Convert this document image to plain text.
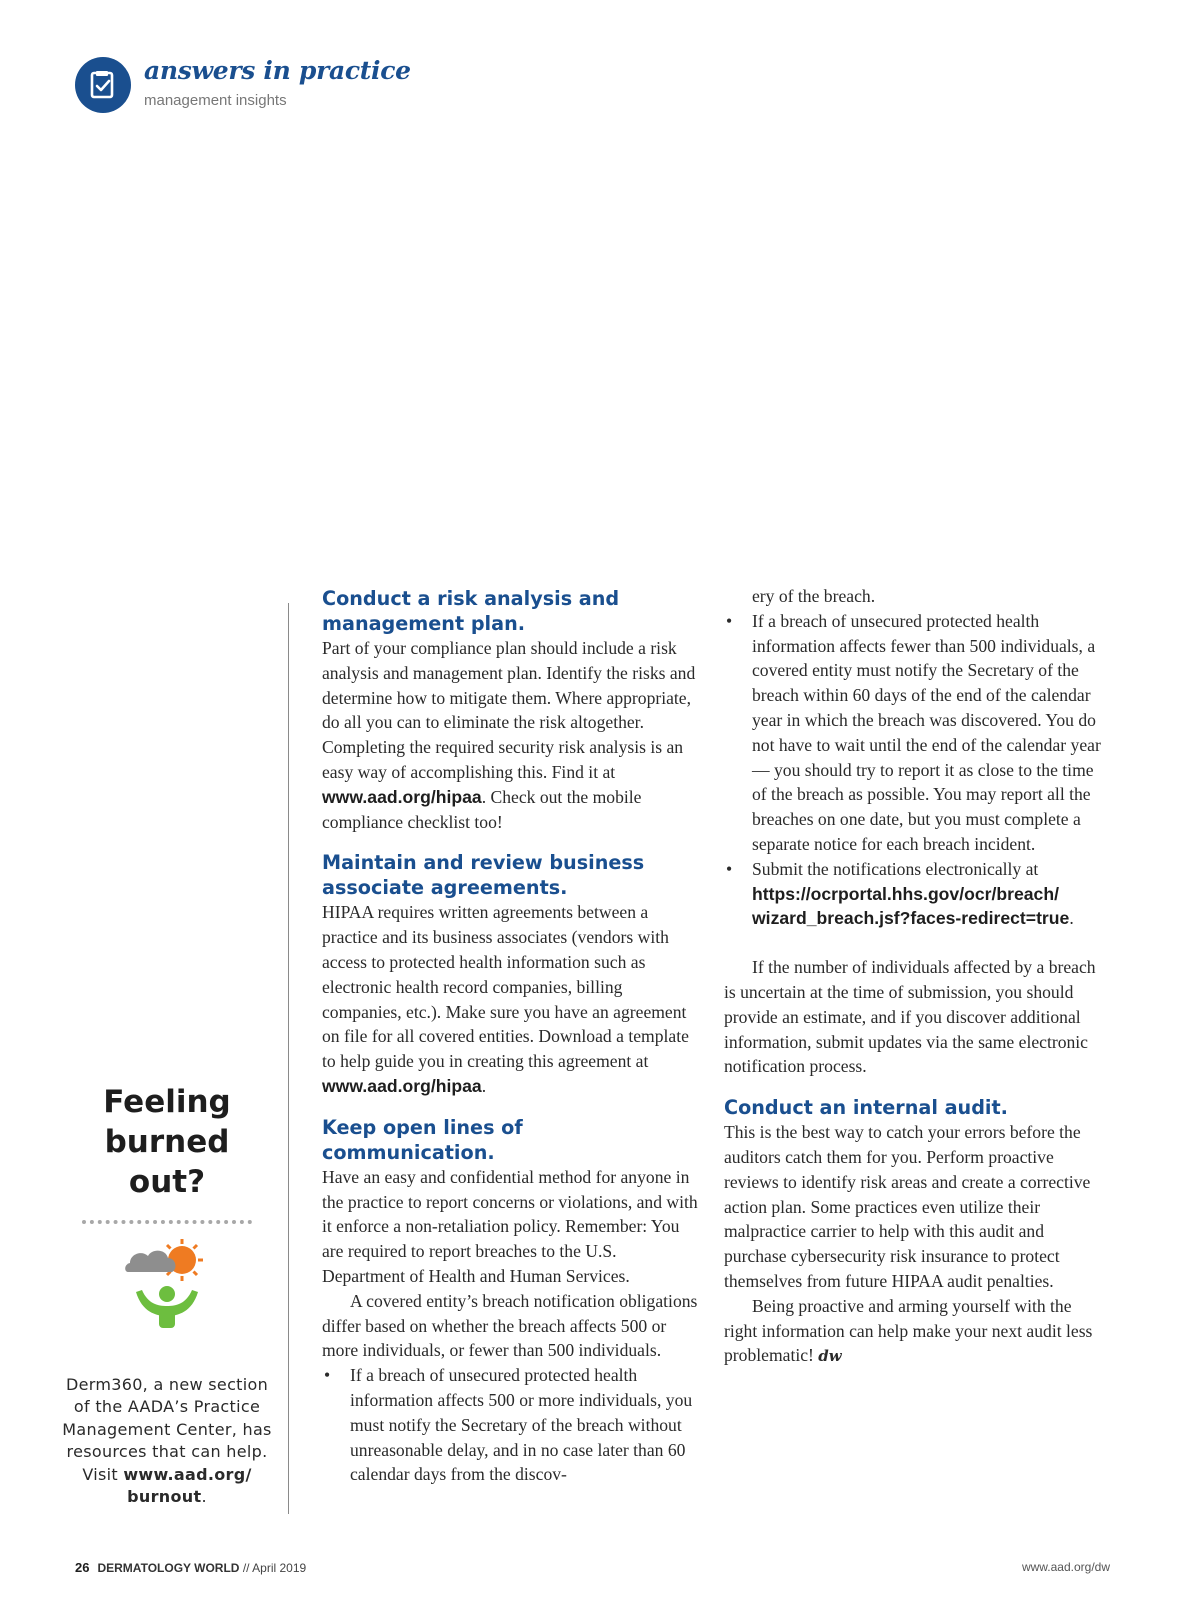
answers in practice
management insights

Feeling
burned
out?

Derm360, a new section of the AADA’s Practice Management Center, has resources that can help. Visit www.aad.org/ burnout.
Conduct a risk analysis and management plan.

Part of your compliance plan should include a risk analysis and management plan. Identify the risks and determine how to mitigate them. Where appropriate, do all you can to eliminate the risk altogether. Completing the required security risk analysis is an easy way of accomplishing this. Find it at www.aad.org/hipaa. Check out the mobile compliance checklist too!

Maintain and review business associate agreements.

HIPAA requires written agreements between a practice and its business associates (vendors with access to protected health information such as electronic health record companies, billing companies, etc.). Make sure you have an agreement on file for all covered entities. Download a template to help guide you in creating this agreement at www.aad.org/hipaa.

Keep open lines of communication.

Have an easy and confidential method for anyone in the practice to report concerns or violations, and with it enforce a non-retaliation policy. Remember: You are required to report breaches to the U.S. Department of Health and Human Services.

A covered entity’s breach notification obligations differ based on whether the breach affects 500 or more individuals, or fewer than 500 individuals.

• If a breach of unsecured protected health information affects 500 or more individuals, you must notify the Secretary of the breach without unreasonable delay, and in no case later than 60 calendar days from the discov-

ery of the breach.

• If a breach of unsecured protected health information affects fewer than 500 individuals, a covered entity must notify the Secretary of the breach within 60 days of the end of the calendar year in which the breach was discovered. You do not have to wait until the end of the calendar year — you should try to report it as close to the time of the breach as possible. You may report all the breaches on one date, but you must complete a separate notice for each breach incident.

• Submit the notifications electronically at https://ocrportal.hhs.gov/ocr/breach/ wizard_breach.jsf?faces-redirect=true.

If the number of individuals affected by a breach is uncertain at the time of submission, you should provide an estimate, and if you discover additional information, submit updates via the same electronic notification process.

Conduct an internal audit.

This is the best way to catch your errors before the auditors catch them for you. Perform proactive reviews to identify risk areas and create a corrective action plan. Some practices even utilize their malpractice carrier to help with this audit and purchase cybersecurity risk insurance to protect themselves from future HIPAA audit penalties.

Being proactive and arming yourself with the right information can help make your next audit less problematic! dw

26 DERMATOLOGY WORLD // April 2019	www.aad.org/dw
